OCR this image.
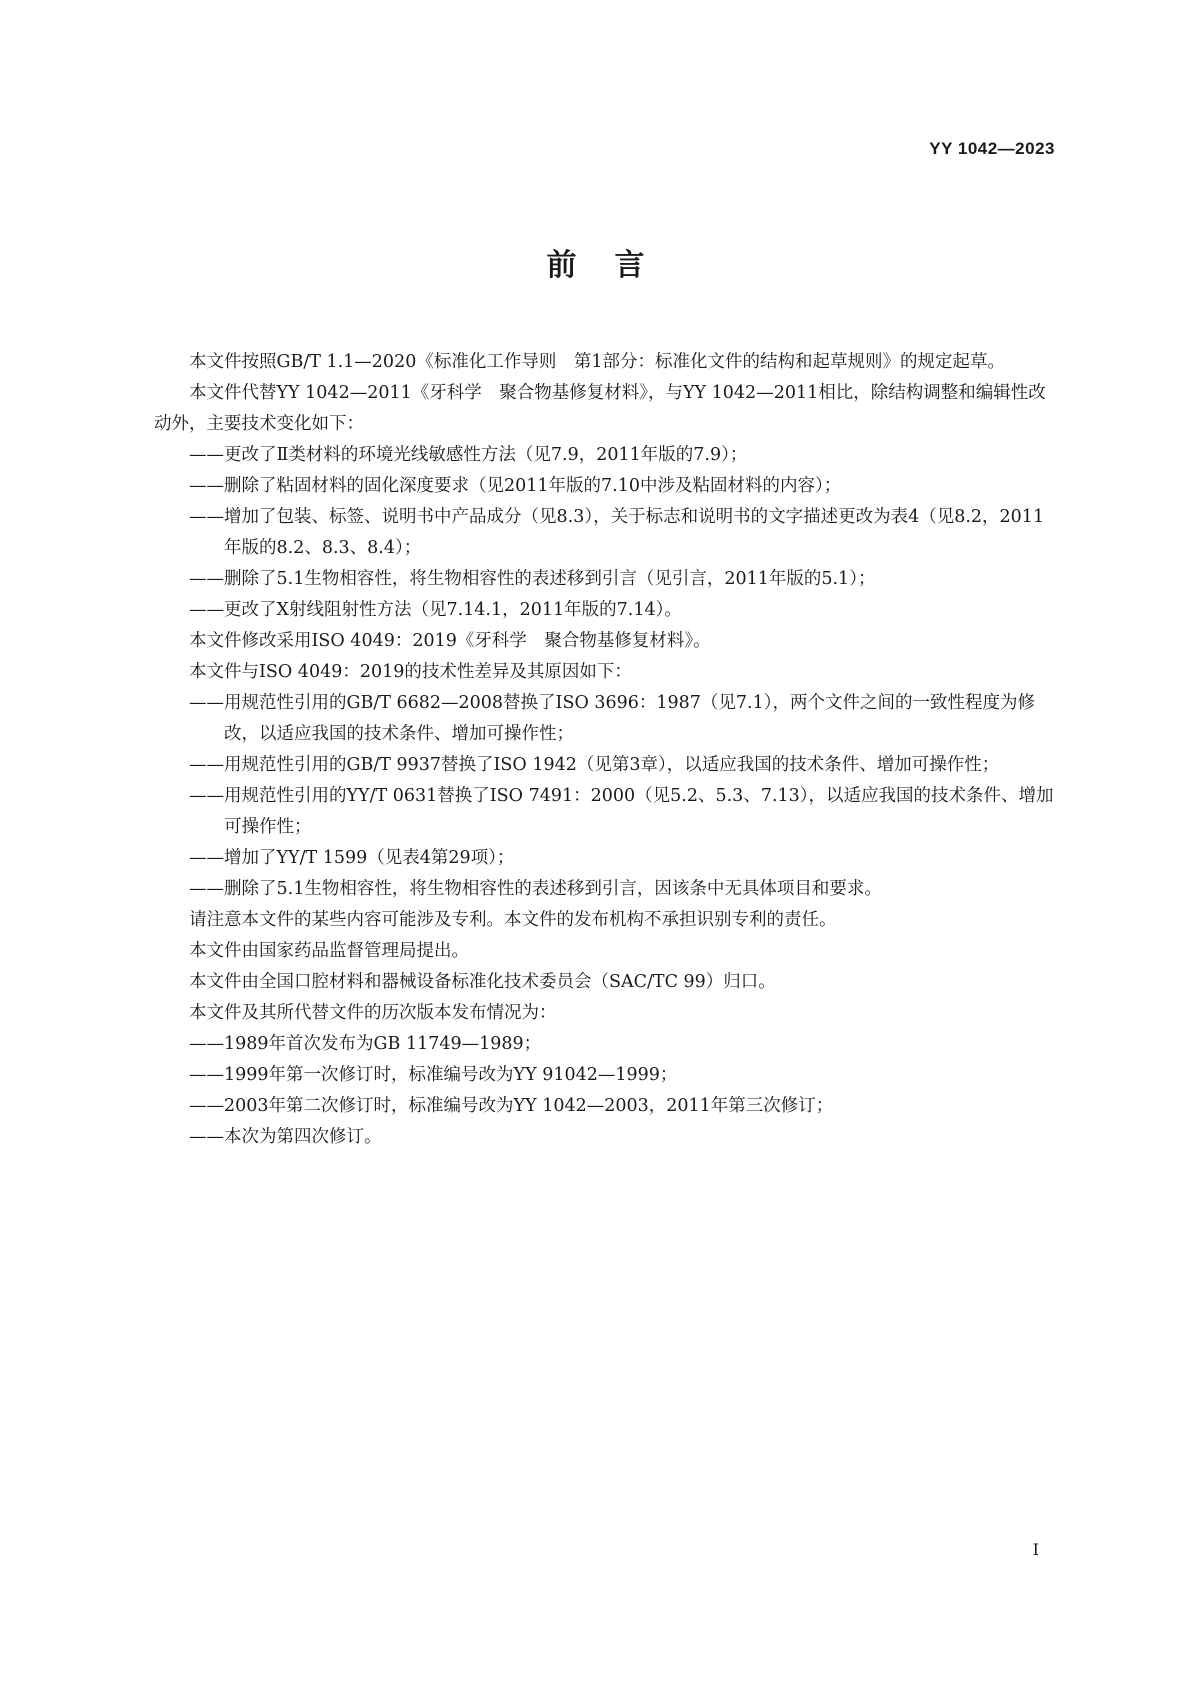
YY 1042—2023
前言
本文件按照GB/T 1.1—2020《标准化工作导则　第1部分：标准化文件的结构和起草规则》的规定起草。
本文件代替YY 1042—2011《牙科学　聚合物基修复材料》，与YY 1042—2011相比，除结构调整和编辑性改动外，主要技术变化如下：
——更改了Ⅱ类材料的环境光线敏感性方法（见7.9，2011年版的7.9）；
——删除了粘固材料的固化深度要求（见2011年版的7.10中涉及粘固材料的内容）；
——增加了包装、标签、说明书中产品成分（见8.3），关于标志和说明书的文字描述更改为表4（见8.2，2011年版的8.2、8.3、8.4）；
——删除了5.1生物相容性，将生物相容性的表述移到引言（见引言，2011年版的5.1）；
——更改了X射线阻射性方法（见7.14.1，2011年版的7.14）。
本文件修改采用ISO 4049：2019《牙科学　聚合物基修复材料》。
本文件与ISO 4049：2019的技术性差异及其原因如下：
——用规范性引用的GB/T 6682—2008替换了ISO 3696：1987（见7.1），两个文件之间的一致性程度为修改，以适应我国的技术条件、增加可操作性；
——用规范性引用的GB/T 9937替换了ISO 1942（见第3章），以适应我国的技术条件、增加可操作性；
——用规范性引用的YY/T 0631替换了ISO 7491：2000（见5.2、5.3、7.13），以适应我国的技术条件、增加可操作性；
——增加了YY/T 1599（见表4第29项）；
——删除了5.1生物相容性，将生物相容性的表述移到引言，因该条中无具体项目和要求。
请注意本文件的某些内容可能涉及专利。本文件的发布机构不承担识别专利的责任。
本文件由国家药品监督管理局提出。
本文件由全国口腔材料和器械设备标准化技术委员会（SAC/TC 99）归口。
本文件及其所代替文件的历次版本发布情况为：
——1989年首次发布为GB 11749—1989；
——1999年第一次修订时，标准编号改为YY 91042—1999；
——2003年第二次修订时，标准编号改为YY 1042—2003，2011年第三次修订；
——本次为第四次修订。
Ⅰ
